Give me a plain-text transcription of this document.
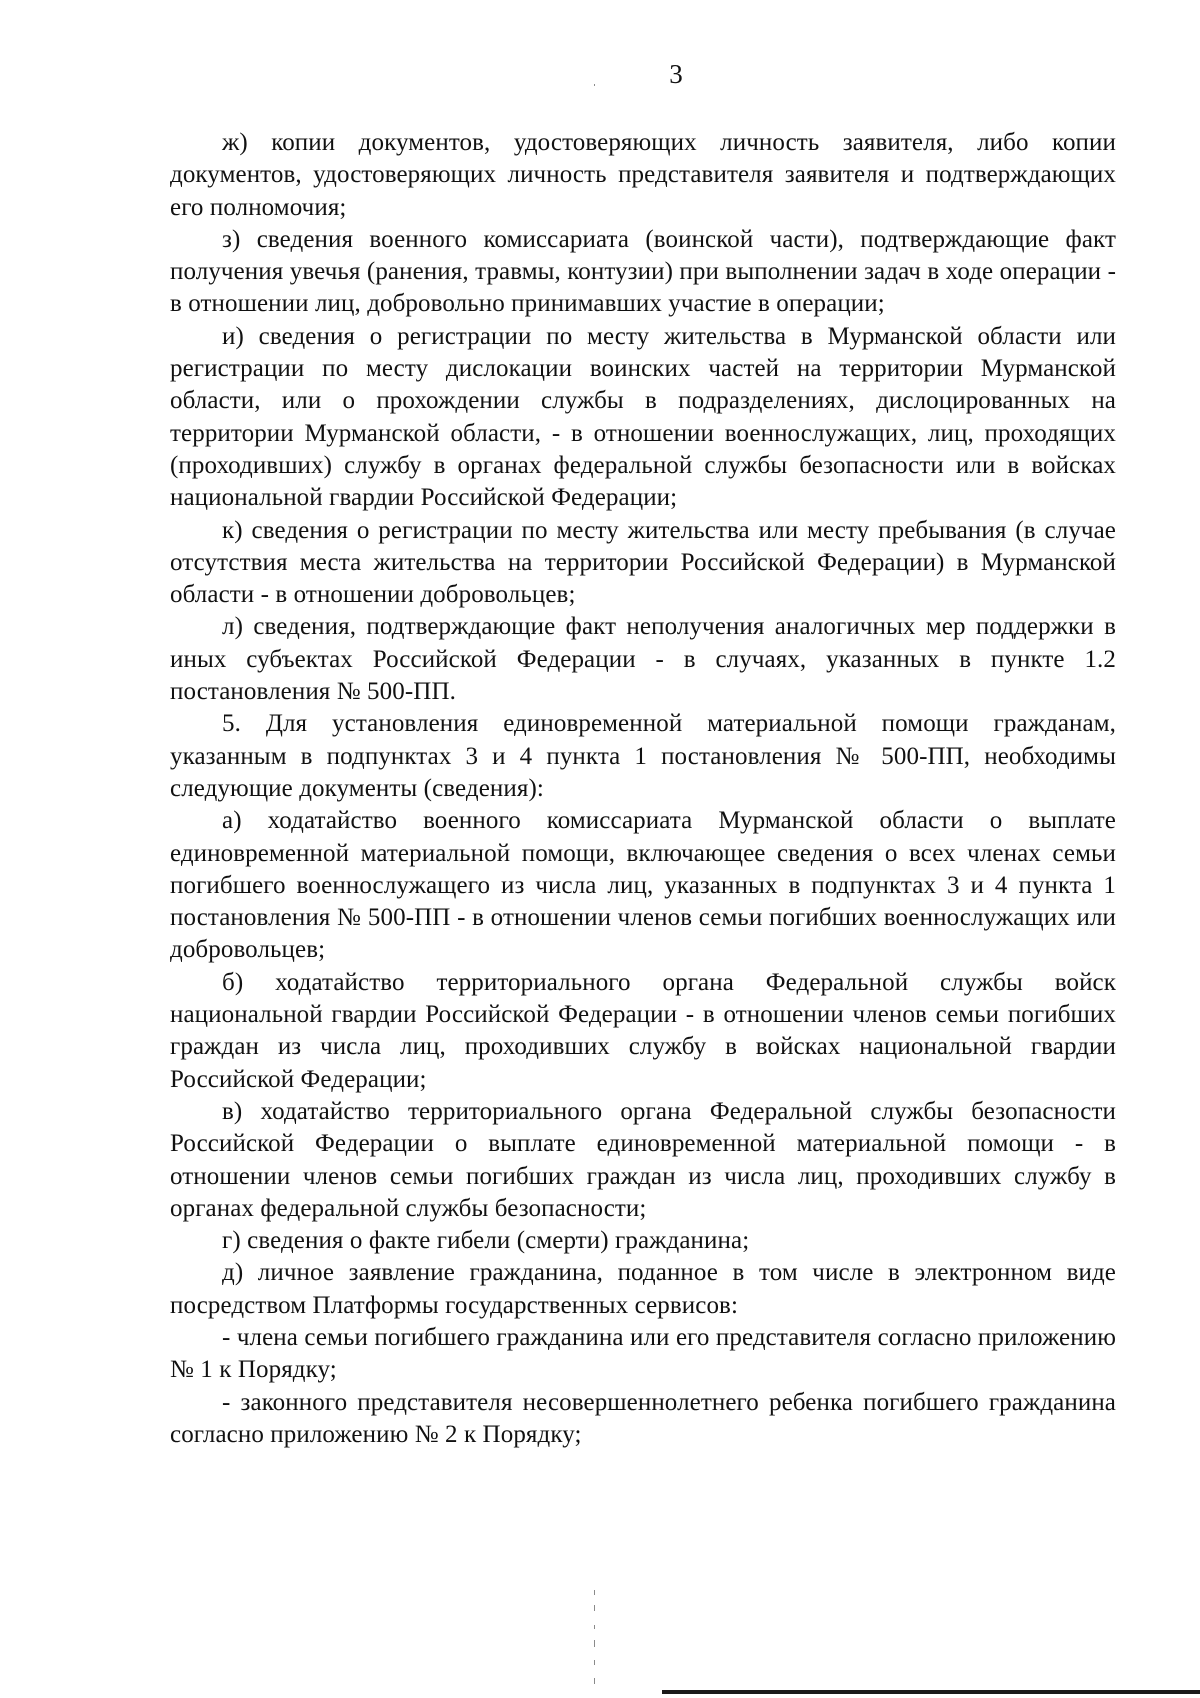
3

ж) копии документов, удостоверяющих личность заявителя, либо копии документов, удостоверяющих личность представителя заявителя и подтверждающих его полномочия;

з) сведения военного комиссариата (воинской части), подтверждающие факт получения увечья (ранения, травмы, контузии) при выполнении задач в ходе операции - в отношении лиц, добровольно принимавших участие в операции;

и) сведения о регистрации по месту жительства в Мурманской области или регистрации по месту дислокации воинских частей на территории Мурманской области, или о прохождении службы в подразделениях, дислоцированных на территории Мурманской области, - в отношении военнослужащих, лиц, проходящих (проходивших) службу в органах федеральной службы безопасности или в войсках национальной гвардии Российской Федерации;

к) сведения о регистрации по месту жительства или месту пребывания (в случае отсутствия места жительства на территории Российской Федерации) в Мурманской области - в отношении добровольцев;

л) сведения, подтверждающие факт неполучения аналогичных мер поддержки в иных субъектах Российской Федерации - в случаях, указанных в пункте 1.2 постановления № 500-ПП.

5. Для установления единовременной материальной помощи гражданам, указанным в подпунктах 3 и 4 пункта 1 постановления № 500-ПП, необходимы следующие документы (сведения):

а) ходатайство военного комиссариата Мурманской области о выплате единовременной материальной помощи, включающее сведения о всех членах семьи погибшего военнослужащего из числа лиц, указанных в подпунктах 3 и 4 пункта 1 постановления № 500-ПП - в отношении членов семьи погибших военнослужащих или добровольцев;

б) ходатайство территориального органа Федеральной службы войск национальной гвардии Российской Федерации - в отношении членов семьи погибших граждан из числа лиц, проходивших службу в войсках национальной гвардии Российской Федерации;

в) ходатайство территориального органа Федеральной службы безопасности Российской Федерации о выплате единовременной материальной помощи - в отношении членов семьи погибших граждан из числа лиц, проходивших службу в органах федеральной службы безопасности;

г) сведения о факте гибели (смерти) гражданина;

д) личное заявление гражданина, поданное в том числе в электронном виде посредством Платформы государственных сервисов:

- члена семьи погибшего гражданина или его представителя согласно приложению № 1 к Порядку;

- законного представителя несовершеннолетнего ребенка погибшего гражданина согласно приложению № 2 к Порядку;
